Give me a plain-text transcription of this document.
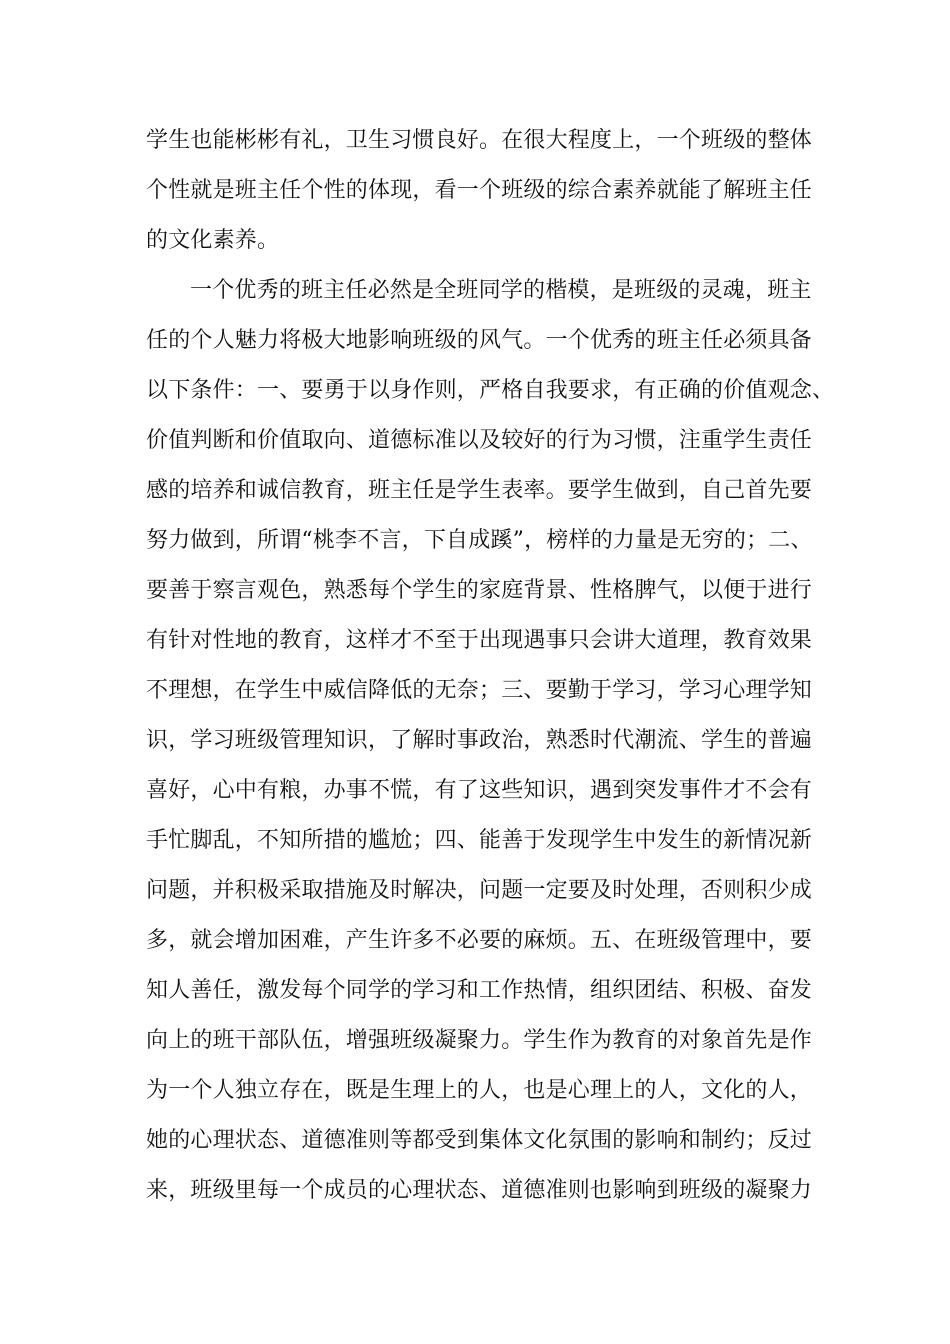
学生也能彬彬有礼，卫生习惯良好。在很大程度上，一个班级的整体
个性就是班主任个性的体现，看一个班级的综合素养就能了解班主任
的文化素养。
一个优秀的班主任必然是全班同学的楷模，是班级的灵魂，班主
任的个人魅力将极大地影响班级的风气。一个优秀的班主任必须具备
以下条件：一、要勇于以身作则，严格自我要求，有正确的价值观念、
价值判断和价值取向、道德标准以及较好的行为习惯，注重学生责任
感的培养和诚信教育，班主任是学生表率。要学生做到，自己首先要
努力做到，所谓“桃李不言，下自成蹊”，榜样的力量是无穷的；二、
要善于察言观色，熟悉每个学生的家庭背景、性格脾气，以便于进行
有针对性地的教育，这样才不至于出现遇事只会讲大道理，教育效果
不理想，在学生中威信降低的无奈；三、要勤于学习，学习心理学知
识，学习班级管理知识，了解时事政治，熟悉时代潮流、学生的普遍
喜好，心中有粮，办事不慌，有了这些知识，遇到突发事件才不会有
手忙脚乱，不知所措的尴尬；四、能善于发现学生中发生的新情况新
问题，并积极采取措施及时解决，问题一定要及时处理，否则积少成
多，就会增加困难，产生许多不必要的麻烦。五、在班级管理中，要
知人善任，激发每个同学的学习和工作热情，组织团结、积极、奋发
向上的班干部队伍，增强班级凝聚力。学生作为教育的对象首先是作
为一个人独立存在，既是生理上的人，也是心理上的人，文化的人，
她的心理状态、道德准则等都受到集体文化氛围的影响和制约；反过
来，班级里每一个成员的心理状态、道德准则也影响到班级的凝聚力
